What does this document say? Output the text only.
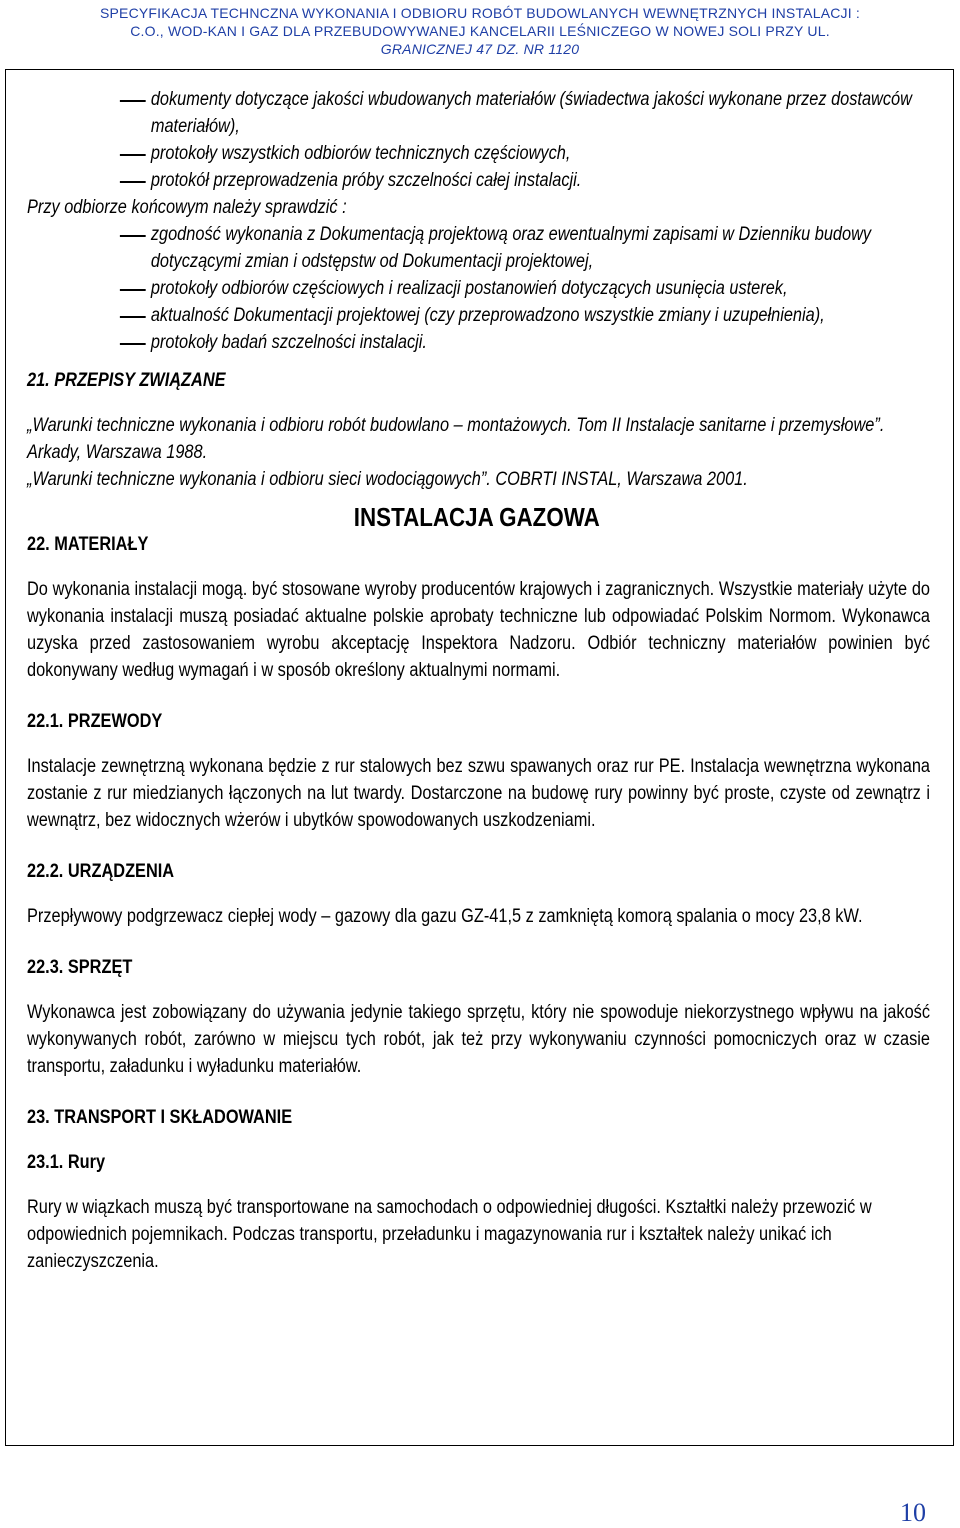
SPECYFIKACJA TECHNCZNA WYKONANIA I ODBIORU ROBÓT BUDOWLANYCH WEWNĘTRZNYCH INSTALACJI :
C.O., WOD-KAN I GAZ DLA PRZEBUDOWYWANEJ KANCELARII LEŚNICZEGO W NOWEJ SOLI PRZY UL.
GRANICZNEJ 47 DZ. NR 1120
dokumenty dotyczące jakości wbudowanych materiałów (świadectwa jakości wykonane przez dostawców materiałów),
protokoły wszystkich odbiorów technicznych częściowych,
protokół przeprowadzenia próby szczelności całej instalacji.

Przy odbiorze końcowym należy sprawdzić :

zgodność wykonania z Dokumentacją projektową oraz ewentualnymi zapisami w Dzienniku budowy dotyczącymi zmian i odstępstw od Dokumentacji projektowej,
protokoły odbiorów częściowych i realizacji postanowień dotyczących usunięcia usterek,
aktualność Dokumentacji projektowej (czy przeprowadzono wszystkie zmiany i uzupełnienia),
protokoły badań szczelności instalacji.

21. PRZEPISY ZWIĄZANE

„Warunki techniczne wykonania i odbioru robót budowlano – montażowych. Tom II Instalacje sanitarne i przemysłowe”. Arkady, Warszawa 1988.

„Warunki techniczne wykonania i odbioru sieci wodociągowych”. COBRTI INSTAL, Warszawa 2001.

INSTALACJA GAZOWA

22. MATERIAŁY

Do wykonania instalacji mogą. być stosowane wyroby producentów krajowych i zagranicznych. Wszystkie materiały użyte do wykonania instalacji muszą posiadać aktualne polskie aprobaty techniczne lub odpowiadać Polskim Normom. Wykonawca uzyska przed zastosowaniem wyrobu akceptację Inspektora Nadzoru. Odbiór techniczny materiałów powinien być dokonywany według wymagań i w sposób określony aktualnymi normami.

22.1. PRZEWODY

Instalacje zewnętrzną wykonana będzie z rur stalowych bez szwu spawanych oraz rur PE. Instalacja wewnętrzna wykonana zostanie z rur miedzianych łączonych na lut twardy. Dostarczone na budowę rury powinny być proste, czyste od zewnątrz i wewnątrz, bez widocznych wżerów i ubytków spowodowanych uszkodzeniami.

22.2. URZĄDZENIA

Przepływowy podgrzewacz ciepłej wody – gazowy dla gazu GZ-41,5 z zamkniętą komorą spalania o mocy 23,8 kW.

22.3. SPRZĘT

Wykonawca jest zobowiązany do używania jedynie takiego sprzętu, który nie spowoduje niekorzystnego wpływu na jakość wykonywanych robót, zarówno w miejscu tych robót, jak też przy wykonywaniu czynności pomocniczych oraz w czasie transportu, załadunku i wyładunku materiałów.

23. TRANSPORT I SKŁADOWANIE

23.1. Rury

Rury w wiązkach muszą być transportowane na samochodach o odpowiedniej długości. Kształtki należy przewozić w odpowiednich pojemnikach. Podczas transportu, przeładunku i magazynowania rur i kształtek należy unikać ich zanieczyszczenia.

10
